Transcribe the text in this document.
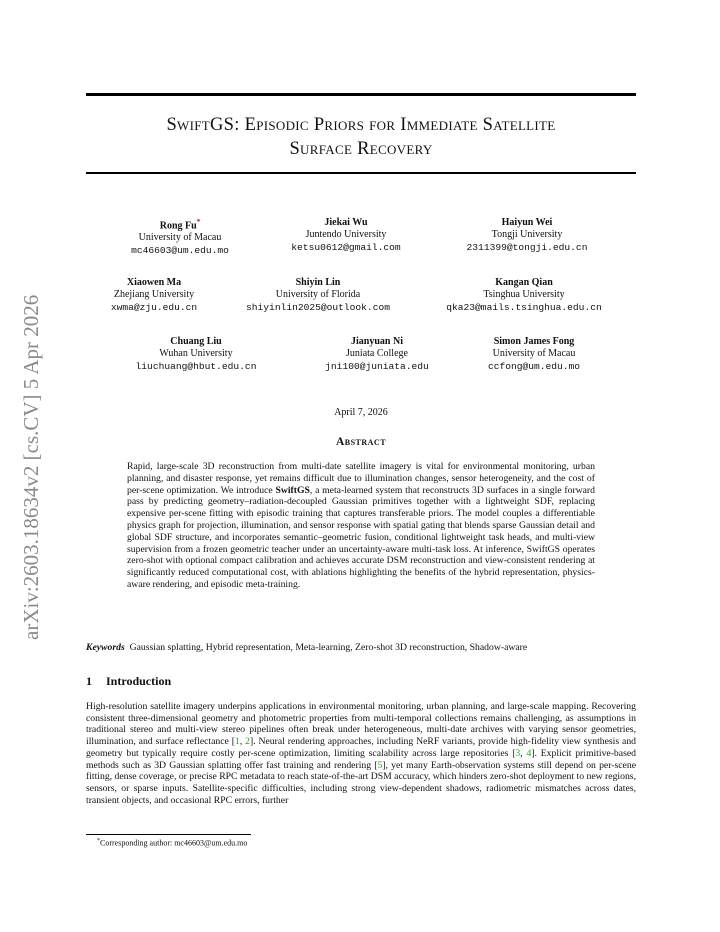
arXiv:2603.18634v2 [cs.CV] 5 Apr 2026
SwiftGS: Episodic Priors for Immediate Satellite
Surface Recovery
Rong Fu*
University of Macau
mc46603@um.edu.mo
Jiekai Wu
Juntendo University
ketsu0612@gmail.com
Haiyun Wei
Tongji University
2311399@tongji.edu.cn
Xiaowen Ma
Zhejiang University
xwma@zju.edu.cn
Shiyin Lin
University of Florida
shiyinlin2025@outlook.com
Kangan Qian
Tsinghua University
qka23@mails.tsinghua.edu.cn
Chuang Liu
Wuhan University
liuchuang@hbut.edu.cn
Jianyuan Ni
Juniata College
jni100@juniata.edu
Simon James Fong
University of Macau
ccfong@um.edu.mo
April 7, 2026
Abstract
Rapid, large-scale 3D reconstruction from multi-date satellite imagery is vital for environmental monitoring, urban planning, and disaster response, yet remains difficult due to illumination changes, sensor heterogeneity, and the cost of per-scene optimization. We introduce SwiftGS, a meta-learned system that reconstructs 3D surfaces in a single forward pass by predicting geometry–radiation-decoupled Gaussian primitives together with a lightweight SDF, replacing expensive per-scene fitting with episodic training that captures transferable priors. The model couples a differentiable physics graph for projection, illumination, and sensor response with spatial gating that blends sparse Gaussian detail and global SDF structure, and incorporates semantic–geometric fusion, conditional lightweight task heads, and multi-view supervision from a frozen geometric teacher under an uncertainty-aware multi-task loss. At inference, SwiftGS operates zero-shot with optional compact calibration and achieves accurate DSM reconstruction and view-consistent rendering at significantly reduced computational cost, with ablations highlighting the benefits of the hybrid representation, physics-aware rendering, and episodic meta-training.
Keywords Gaussian splatting, Hybrid representation, Meta-learning, Zero-shot 3D reconstruction, Shadow-aware
1 Introduction
High-resolution satellite imagery underpins applications in environmental monitoring, urban planning, and large-scale mapping. Recovering consistent three-dimensional geometry and photometric properties from multi-temporal collections remains challenging, as assumptions in traditional stereo and multi-view stereo pipelines often break under heterogeneous, multi-date archives with varying sensor geometries, illumination, and surface reflectance [1, 2]. Neural rendering approaches, including NeRF variants, provide high-fidelity view synthesis and geometry but typically require costly per-scene optimization, limiting scalability across large repositories [3, 4]. Explicit primitive-based methods such as 3D Gaussian splatting offer fast training and rendering [5], yet many Earth-observation systems still depend on per-scene fitting, dense coverage, or precise RPC metadata to reach state-of-the-art DSM accuracy, which hinders zero-shot deployment to new regions, sensors, or sparse inputs. Satellite-specific difficulties, including strong view-dependent shadows, radiometric mismatches across dates, transient objects, and occasional RPC errors, further
*Corresponding author: mc46603@um.edu.mo
